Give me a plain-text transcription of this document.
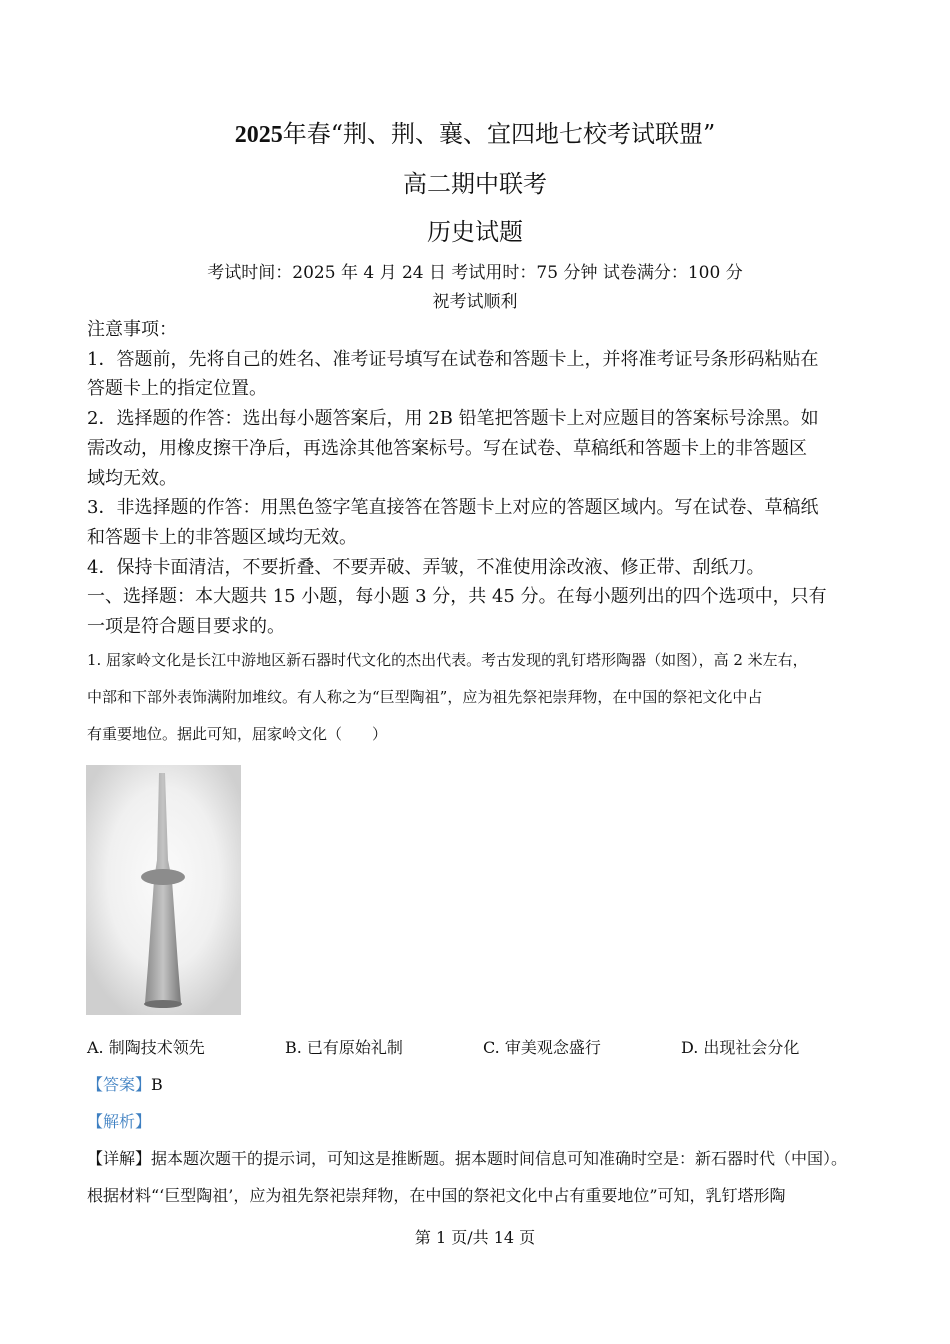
2025年春“荆、荆、襄、宜四地七校考试联盟”
高二期中联考
历史试题
考试时间：2025 年 4 月 24 日 考试用时：75 分钟 试卷满分：100 分
祝考试顺利
注意事项：
1．答题前，先将自己的姓名、准考证号填写在试卷和答题卡上，并将准考证号条形码粘贴在
答题卡上的指定位置。
2．选择题的作答：选出每小题答案后，用 2B 铅笔把答题卡上对应题目的答案标号涂黑。如
需改动，用橡皮擦干净后，再选涂其他答案标号。写在试卷、草稿纸和答题卡上的非答题区
域均无效。
3．非选择题的作答：用黑色签字笔直接答在答题卡上对应的答题区域内。写在试卷、草稿纸
和答题卡上的非答题区域均无效。
4．保持卡面清洁，不要折叠、不要弄破、弄皱，不准使用涂改液、修正带、刮纸刀。
一、选择题：本大题共 15 小题，每小题 3 分，共 45 分。在每小题列出的四个选项中，只有
一项是符合题目要求的。
1. 屈家岭文化是长江中游地区新石器时代文化的杰出代表。考古发现的乳钉塔形陶器（如图），高 2 米左右，
中部和下部外表饰满附加堆纹。有人称之为“巨型陶祖”，应为祖先祭祀崇拜物，在中国的祭祀文化中占
有重要地位。据此可知，屈家岭文化（　　）
A. 制陶技术领先	B. 已有原始礼制	C. 审美观念盛行	D. 出现社会分化
【答案】B
【解析】
【详解】据本题次题干的提示词，可知这是推断题。据本题时间信息可知准确时空是：新石器时代（中国）。
根据材料“‘巨型陶祖’，应为祖先祭祀崇拜物，在中国的祭祀文化中占有重要地位”可知，乳钉塔形陶
第 1 页/共 14 页
